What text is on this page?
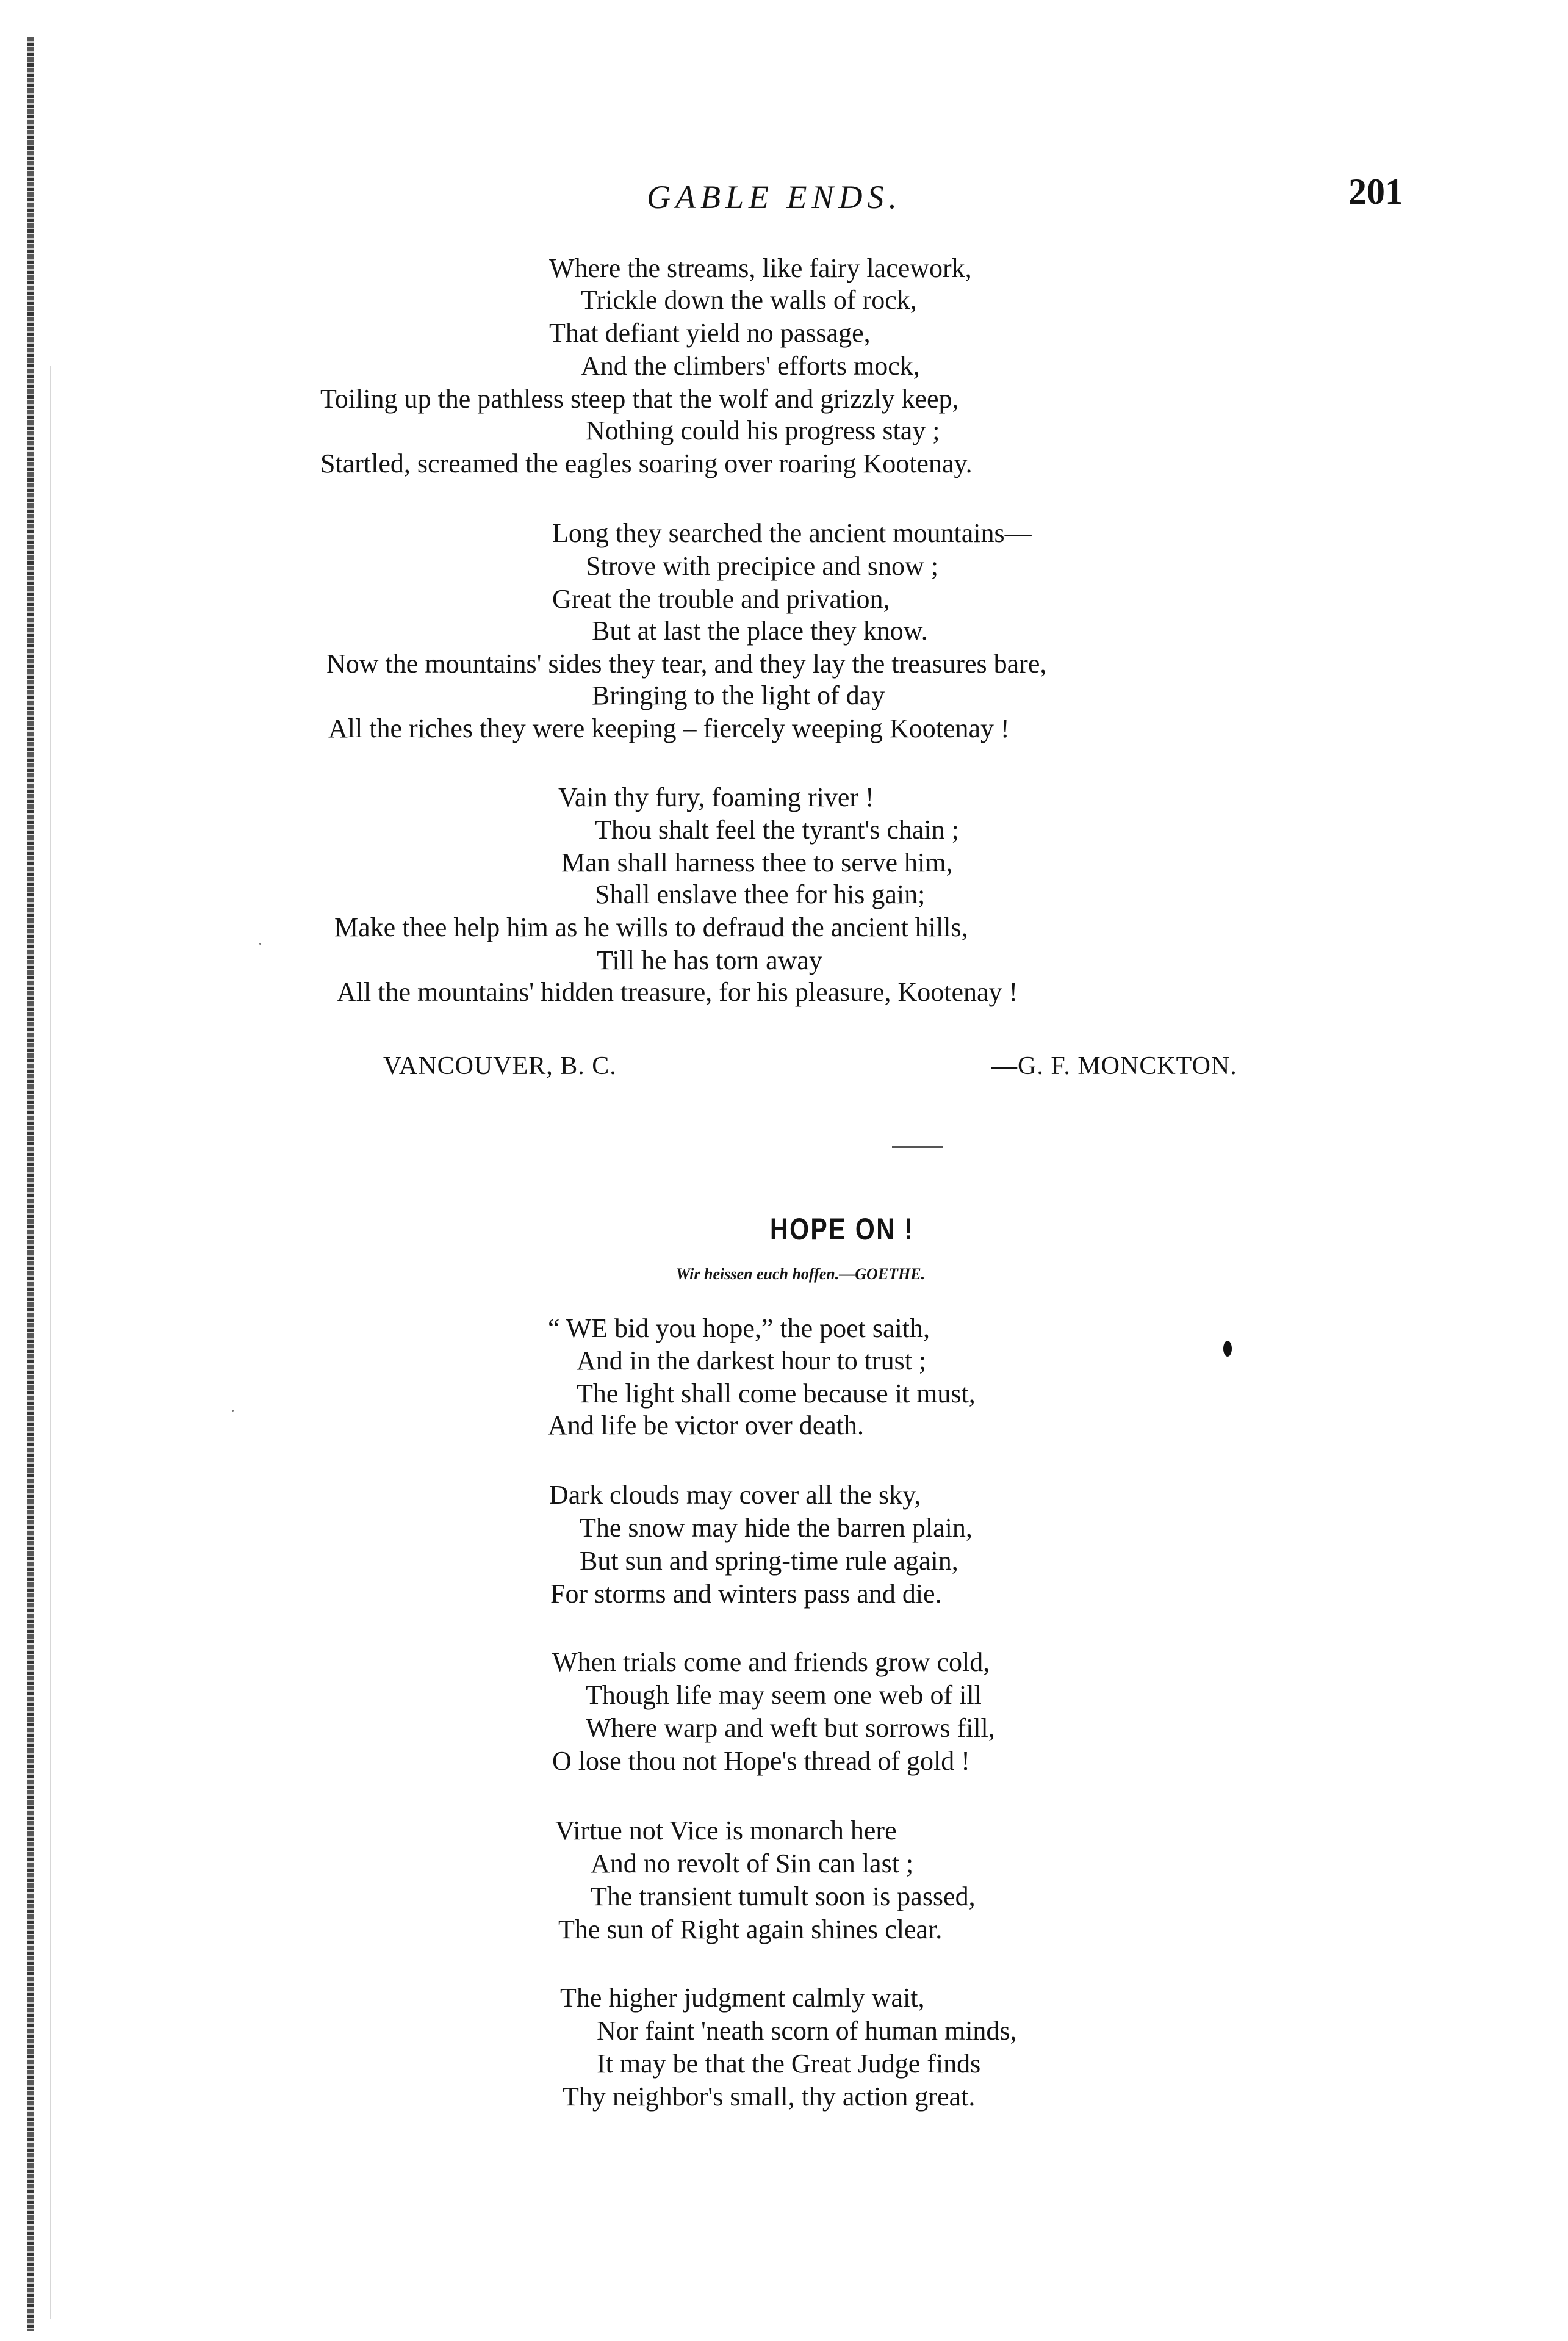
GABLE ENDS.	201
Where the streams, like fairy lacework,
Trickle down the walls of rock,
That defiant yield no passage,
And the climbers' efforts mock,
Toiling up the pathless steep that the wolf and grizzly keep,
Nothing could his progress stay ;
Startled, screamed the eagles soaring over roaring Kootenay.
Long they searched the ancient mountains—
Strove with precipice and snow ;
Great the trouble and privation,
But at last the place they know.
Now the mountains' sides they tear, and they lay the treasures bare,
Bringing to the light of day
All the riches they were keeping – fiercely weeping Kootenay !
Vain thy fury, foaming river !
Thou shalt feel the tyrant's chain ;
Man shall harness thee to serve him,
Shall enslave thee for his gain;
Make thee help him as he wills to defraud the ancient hills,
Till he has torn away
All the mountains' hidden treasure, for his pleasure, Kootenay !
VANCOUVER, B. C.	—G. F. MONCKTON.
HOPE ON !
Wir heissen euch hoffen.—GOETHE.
“ WE bid you hope,” the poet saith,
And in the darkest hour to trust ;
The light shall come because it must,
And life be victor over death.
Dark clouds may cover all the sky,
The snow may hide the barren plain,
But sun and spring-time rule again,
For storms and winters pass and die.
When trials come and friends grow cold,
Though life may seem one web of ill
Where warp and weft but sorrows fill,
O lose thou not Hope's thread of gold !
Virtue not Vice is monarch here
And no revolt of Sin can last ;
The transient tumult soon is passed,
The sun of Right again shines clear.
The higher judgment calmly wait,
Nor faint 'neath scorn of human minds,
It may be that the Great Judge finds
Thy neighbor's small, thy action great.
